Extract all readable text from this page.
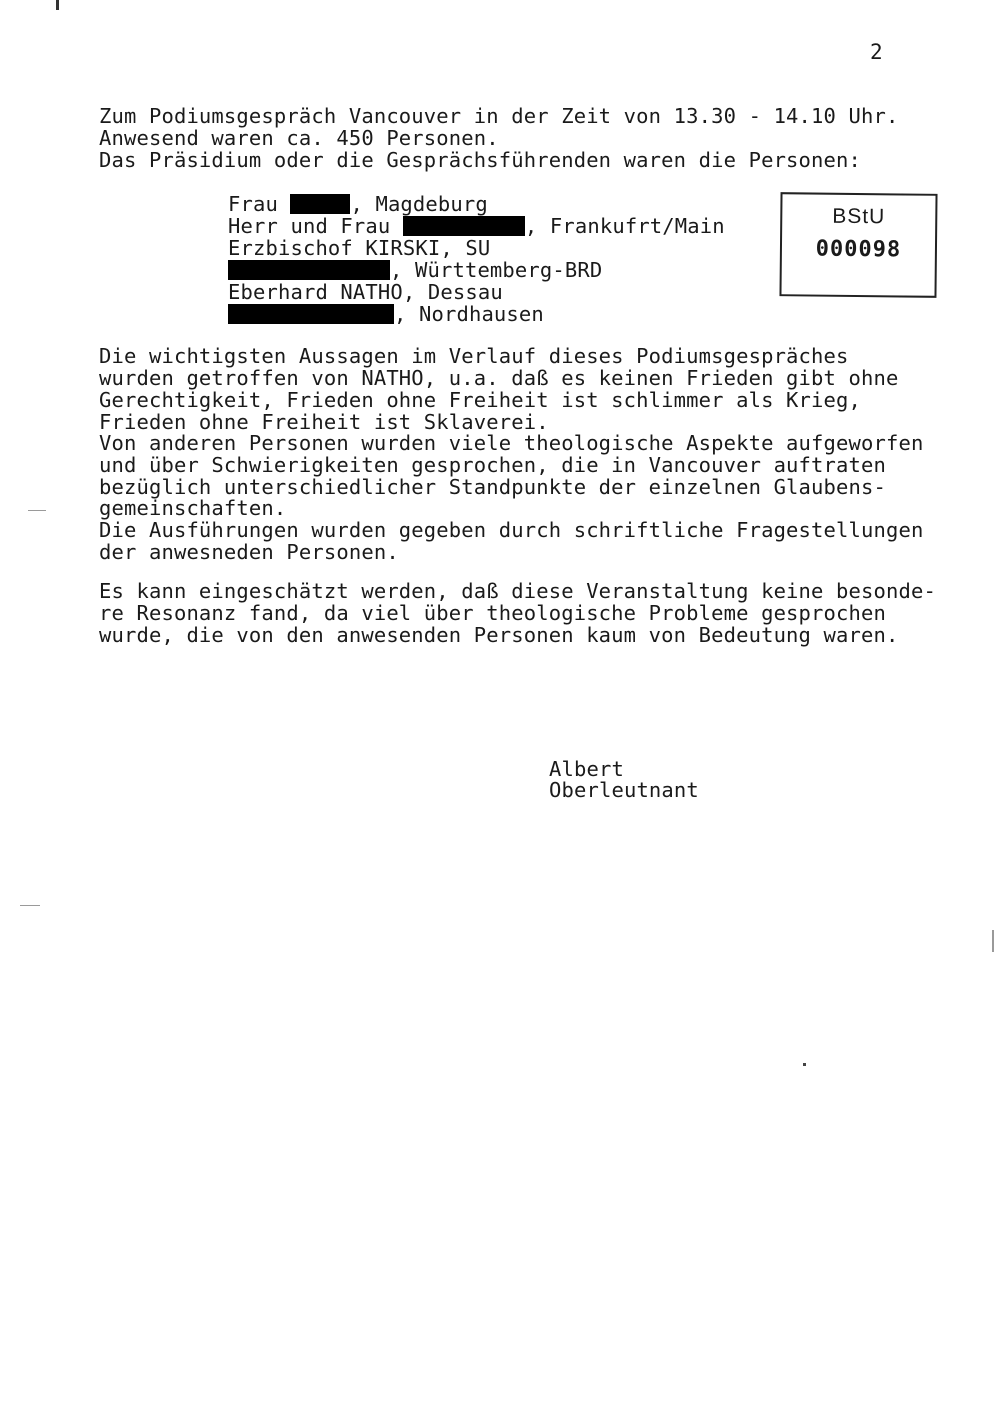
2
Zum Podiumsgespräch Vancouver in der Zeit von 13.30 - 14.10 Uhr.
Anwesend waren ca. 450 Personen.
Das Präsidium oder die Gesprächsführenden waren die Personen:
Frau	, Magdeburg
Herr und Frau	, Frankufrt/Main
Erzbischof KIRSKI, SU
, Württemberg-BRD
Eberhard NATHO, Dessau
, Nordhausen
BStU
000098
Die wichtigsten Aussagen im Verlauf dieses Podiumsgespräches
wurden getroffen von NATHO, u.a. daß es keinen Frieden gibt ohne
Gerechtigkeit, Frieden ohne Freiheit ist schlimmer als Krieg,
Frieden ohne Freiheit ist Sklaverei.
Von anderen Personen wurden viele theologische Aspekte aufgeworfen
und über Schwierigkeiten gesprochen, die in Vancouver auftraten
bezüglich unterschiedlicher Standpunkte der einzelnen Glaubens-
gemeinschaften.
Die Ausführungen wurden gegeben durch schriftliche Fragestellungen
der anwesneden Personen.
Es kann eingeschätzt werden, daß diese Veranstaltung keine besonde-
re Resonanz fand, da viel über theologische Probleme gesprochen
wurde, die von den anwesenden Personen kaum von Bedeutung waren.
Albert
Oberleutnant
